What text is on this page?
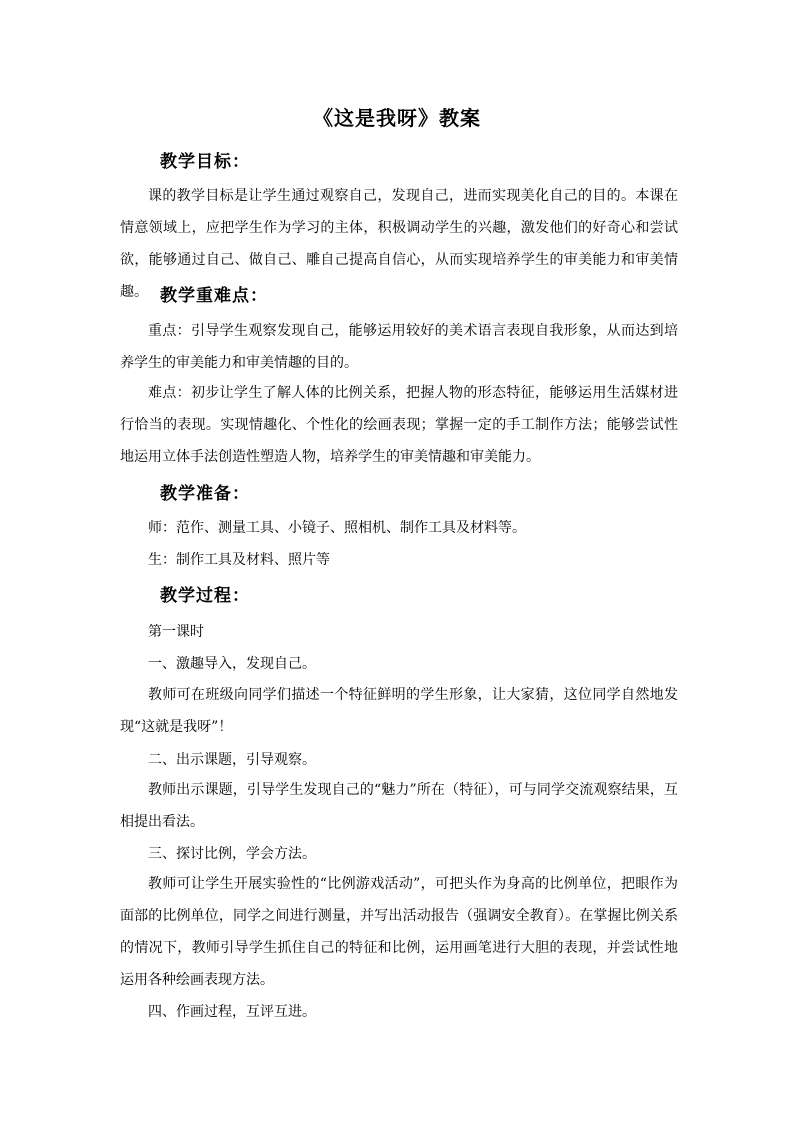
《这是我呀》教案
教学目标：

课的教学目标是让学生通过观察自己，发现自己，进而实现美化自己的目的。本课在情意领域上，应把学生作为学习的主体，积极调动学生的兴趣，激发他们的好奇心和尝试欲，能够通过自己、做自己、雕自己提高自信心，从而实现培养学生的审美能力和审美情趣。 教学重难点：

重点：引导学生观察发现自己，能够运用较好的美术语言表现自我形象，从而达到培养学生的审美能力和审美情趣的目的。

难点：初步让学生了解人体的比例关系，把握人物的形态特征，能够运用生活媒材进行恰当的表现。实现情趣化、个性化的绘画表现；掌握一定的手工制作方法；能够尝试性地运用立体手法创造性塑造人物，培养学生的审美情趣和审美能力。

教学准备：
师：范作、测量工具、小镜子、照相机、制作工具及材料等。
生：制作工具及材料、照片等
教学过程：
第一课时
一、激趣导入，发现自己。

教师可在班级向同学们描述一个特征鲜明的学生形象，让大家猜，这位同学自然地发现“这就是我呀”！

二、出示课题，引导观察。

教师出示课题，引导学生发现自己的“魅力”所在（特征），可与同学交流观察结果，互相提出看法。

三、探讨比例，学会方法。

教师可让学生开展实验性的“比例游戏活动”，可把头作为身高的比例单位，把眼作为面部的比例单位，同学之间进行测量，并写出活动报告（强调安全教育）。在掌握比例关系的情况下，教师引导学生抓住自己的特征和比例，运用画笔进行大胆的表现，并尝试性地运用各种绘画表现方法。

四、作画过程，互评互进。
